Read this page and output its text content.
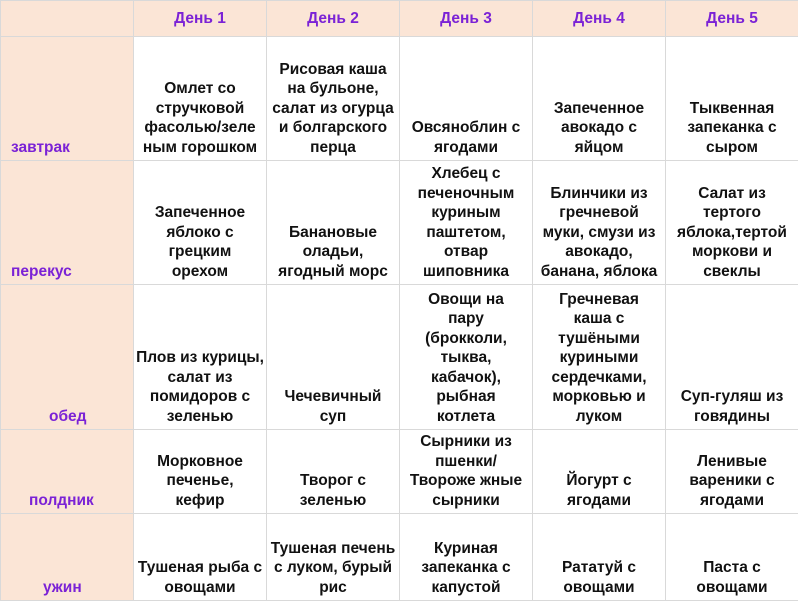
	День 1	День 2	День 3	День 4	День 5
завтрак	Омлет со стручковой фасолью/зеле ным горошком	Рисовая каша на бульоне, салат из огурца и болгарского перца	Овсяноблин с ягодами	Запеченное авокадо с яйцом	Тыквенная запеканка с сыром
перекус	Запеченное яблоко с грецким орехом	Банановые оладьи, ягодный морс	Хлебец с печеночным куриным паштетом, отвар шиповника	Блинчики из гречневой муки, смузи из авокадо, банана, яблока	Салат из тертого яблока,тертой моркови и свеклы
обед	Плов из курицы, салат из помидоров с зеленью	Чечевичный суп	Овощи на пару (брокколи, тыква, кабачок), рыбная котлета	Гречневая каша с тушёными куриными сердечками, морковью и луком	Суп-гуляш из говядины
полдник	Морковное печенье, кефир	Творог с зеленью	Сырники из пшенки/Твороже жные сырники	Йогурт с ягодами	Ленивые вареники с ягодами
ужин	Тушеная рыба с овощами	Тушеная печень с луком, бурый рис	Куриная запеканка с капустой	Рататуй с овощами	Паста с овощами
